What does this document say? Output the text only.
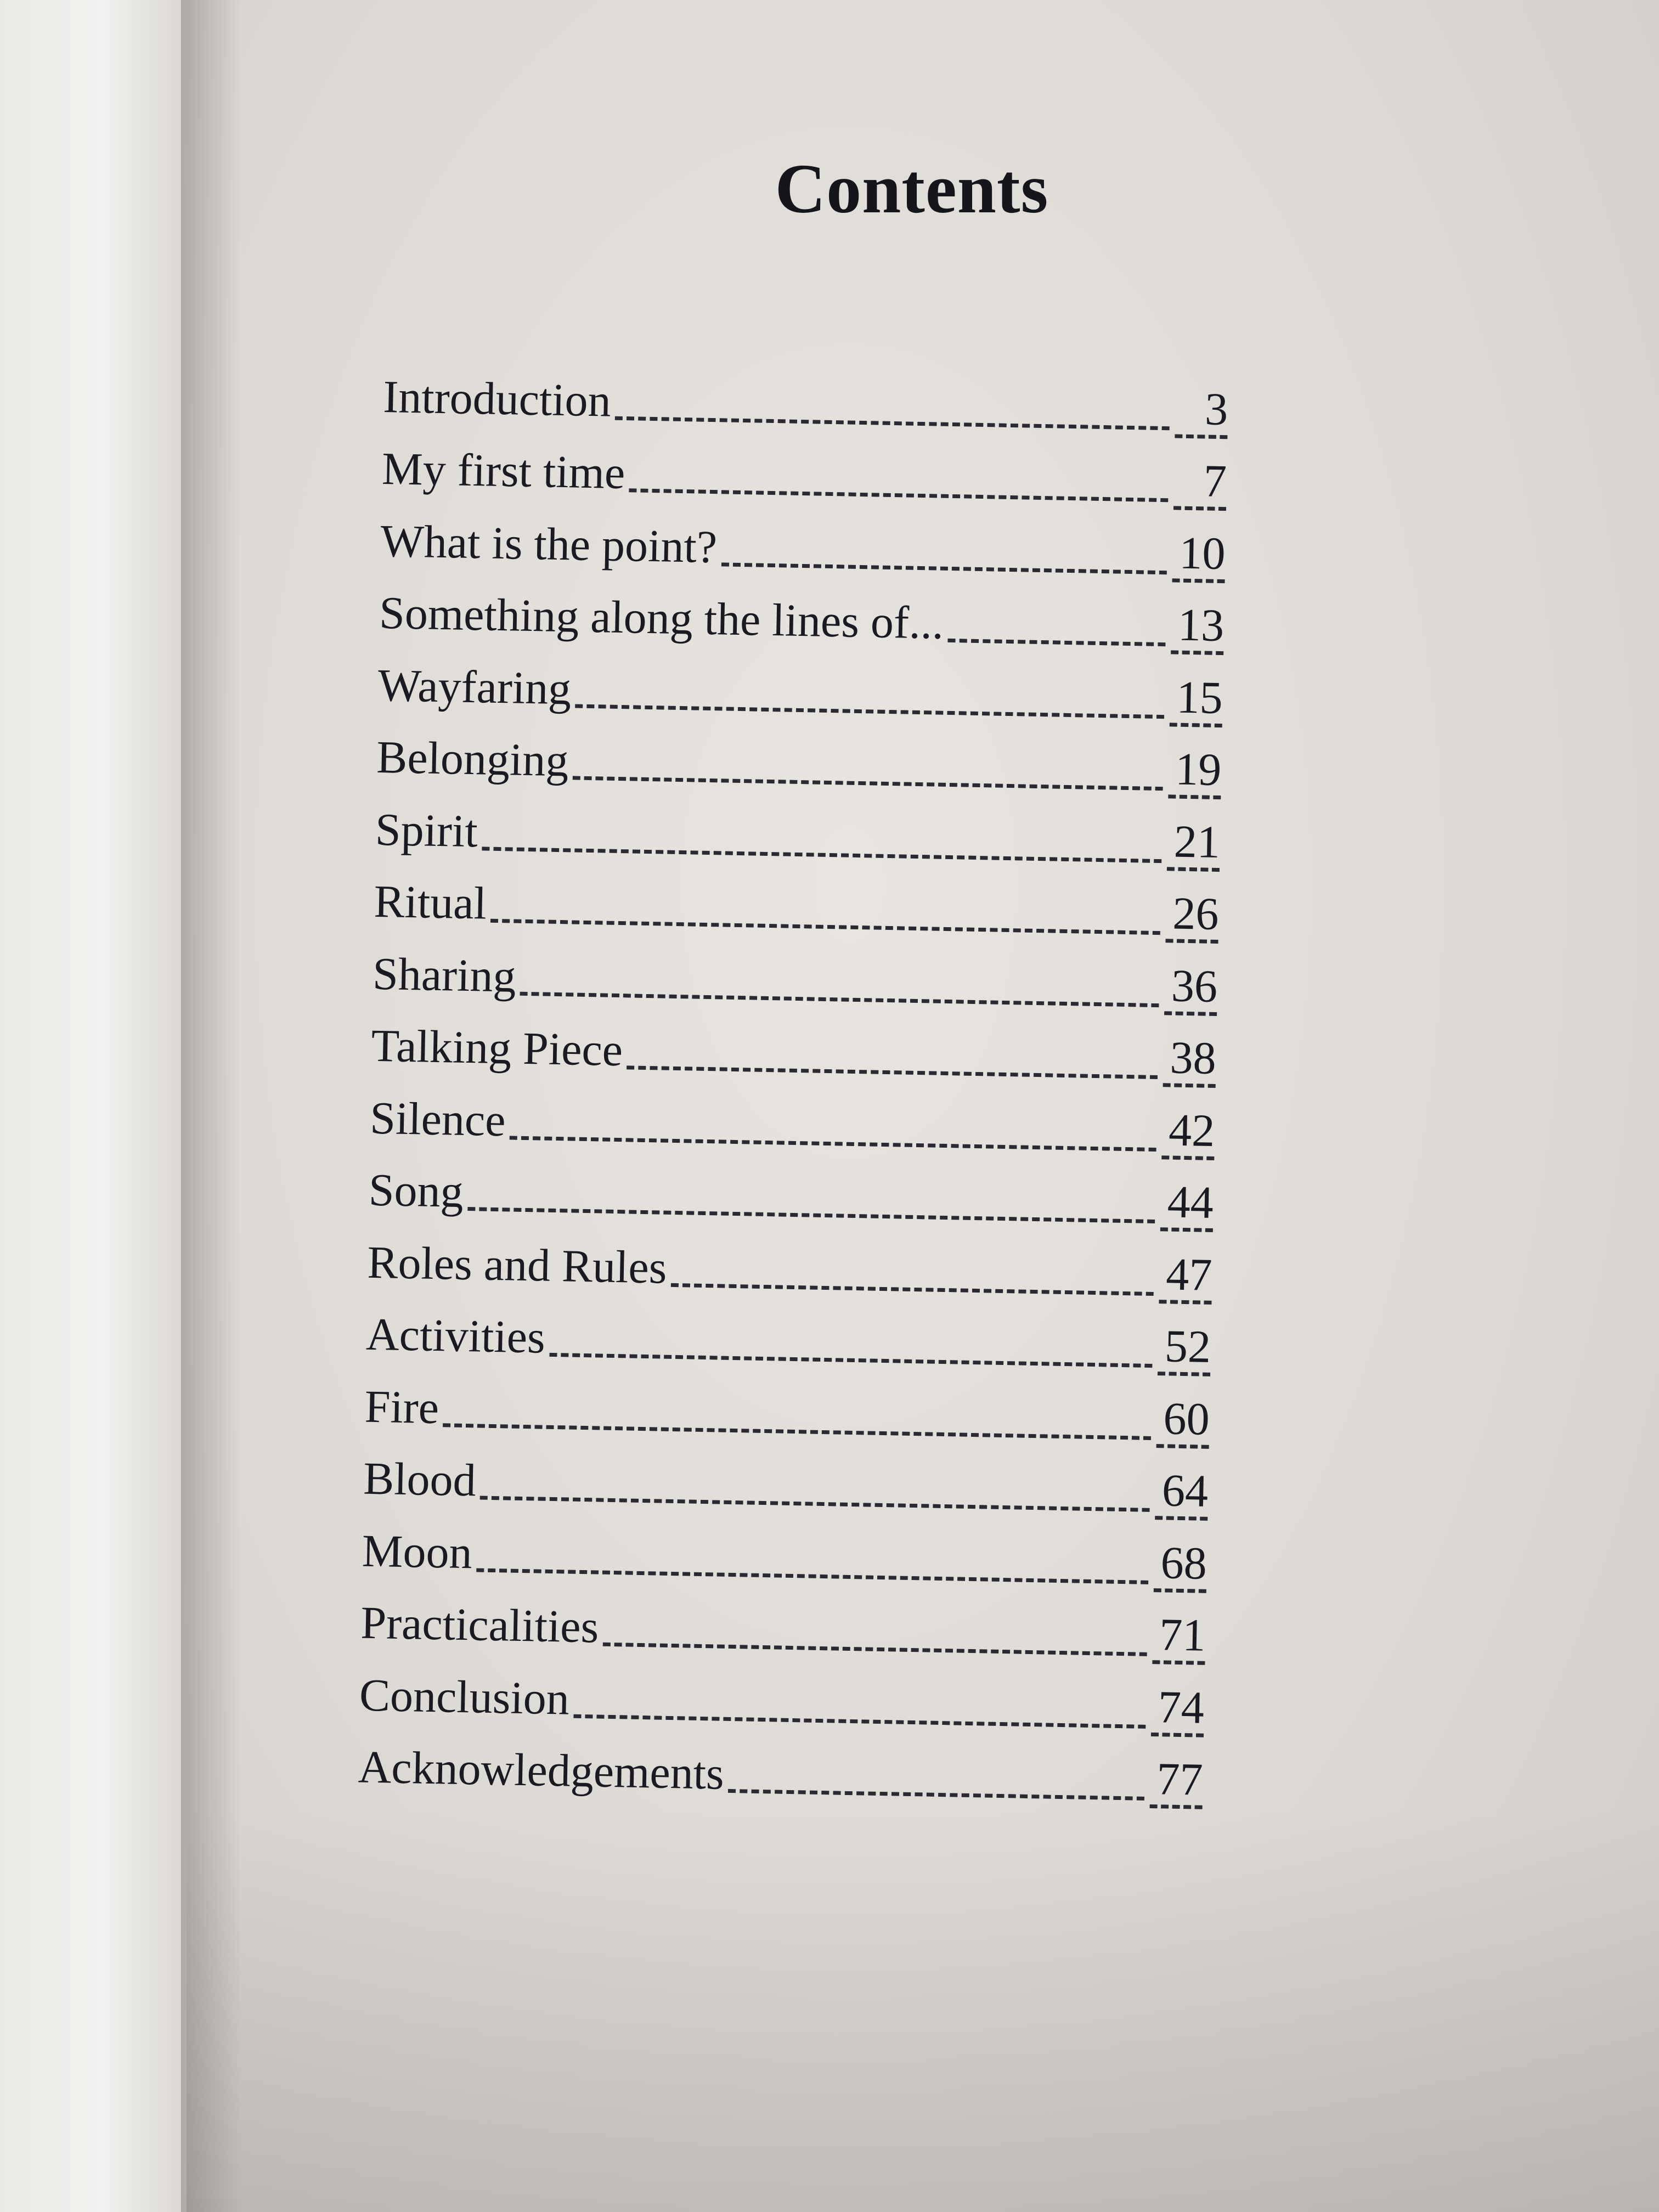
Contents
Introduction	3
My first time	7
What is the point?	10
Something along the lines of...	13
Wayfaring	15
Belonging	19
Spirit	21
Ritual	26
Sharing	36
Talking Piece	38
Silence	42
Song	44
Roles and Rules	47
Activities	52
Fire	60
Blood	64
Moon	68
Practicalities	71
Conclusion	74
Acknowledgements	77
